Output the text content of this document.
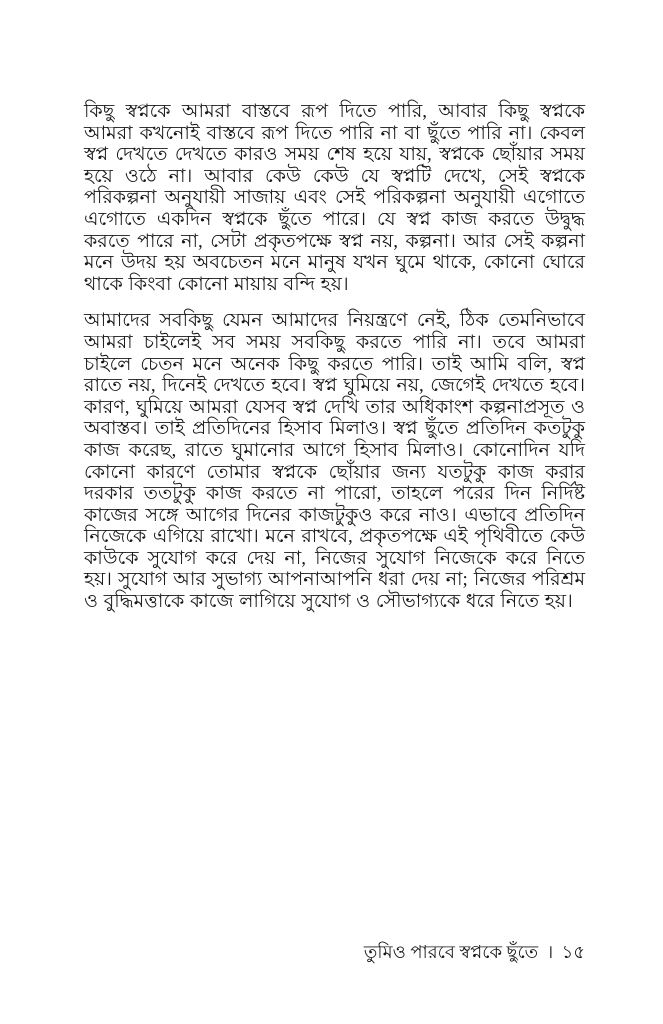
কিছু স্বপ্নকে আমরা বাস্তবে রূপ দিতে পারি, আবার কিছু স্বপ্নকে আমরা কখনোই বাস্তবে রূপ দিতে পারি না বা ছুঁতে পারি না। কেবল স্বপ্ন দেখতে দেখতে কারও সময় শেষ হয়ে যায়, স্বপ্নকে ছোঁয়ার সময় হয়ে ওঠে না। আবার কেউ কেউ যে স্বপ্নটি দেখে, সেই স্বপ্নকে পরিকল্পনা অনুযায়ী সাজায় এবং সেই পরিকল্পনা অনুযায়ী এগোতে এগোতে একদিন স্বপ্নকে ছুঁতে পারে। যে স্বপ্ন কাজ করতে উদ্বুদ্ধ করতে পারে না, সেটা প্রকৃতপক্ষে স্বপ্ন নয়, কল্পনা। আর সেই কল্পনা মনে উদয় হয় অবচেতন মনে মানুষ যখন ঘুমে থাকে, কোনো ঘোরে থাকে কিংবা কোনো মায়ায় বন্দি হয়।

আমাদের সবকিছু যেমন আমাদের নিয়ন্ত্রণে নেই, ঠিক তেমনিভাবে আমরা চাইলেই সব সময় সবকিছু করতে পারি না। তবে আমরা চাইলে চেতন মনে অনেক কিছু করতে পারি। তাই আমি বলি, স্বপ্ন রাতে নয়, দিনেই দেখতে হবে। স্বপ্ন ঘুমিয়ে নয়, জেগেই দেখতে হবে। কারণ, ঘুমিয়ে আমরা যেসব স্বপ্ন দেখি তার অধিকাংশ কল্পনাপ্রসূত ও অবাস্তব। তাই প্রতিদিনের হিসাব মিলাও। স্বপ্ন ছুঁতে প্রতিদিন কতটুকু কাজ করেছ, রাতে ঘুমানোর আগে হিসাব মিলাও। কোনোদিন যদি কোনো কারণে তোমার স্বপ্নকে ছোঁয়ার জন্য যতটুকু কাজ করার দরকার ততটুকু কাজ করতে না পারো, তাহলে পরের দিন নির্দিষ্ট কাজের সঙ্গে আগের দিনের কাজটুকুও করে নাও। এভাবে প্রতিদিন নিজেকে এগিয়ে রাখো। মনে রাখবে, প্রকৃতপক্ষে এই পৃথিবীতে কেউ কাউকে সুযোগ করে দেয় না, নিজের সুযোগ নিজেকে করে নিতে হয়। সুযোগ আর সুভাগ্য আপনাআপনি ধরা দেয় না; নিজের পরিশ্রম ও বুদ্ধিমত্তাকে কাজে লাগিয়ে সুযোগ ও সৌভাগ্যকে ধরে নিতে হয়।

তুমিও পারবে স্বপ্নকে ছুঁতে । ১৫
